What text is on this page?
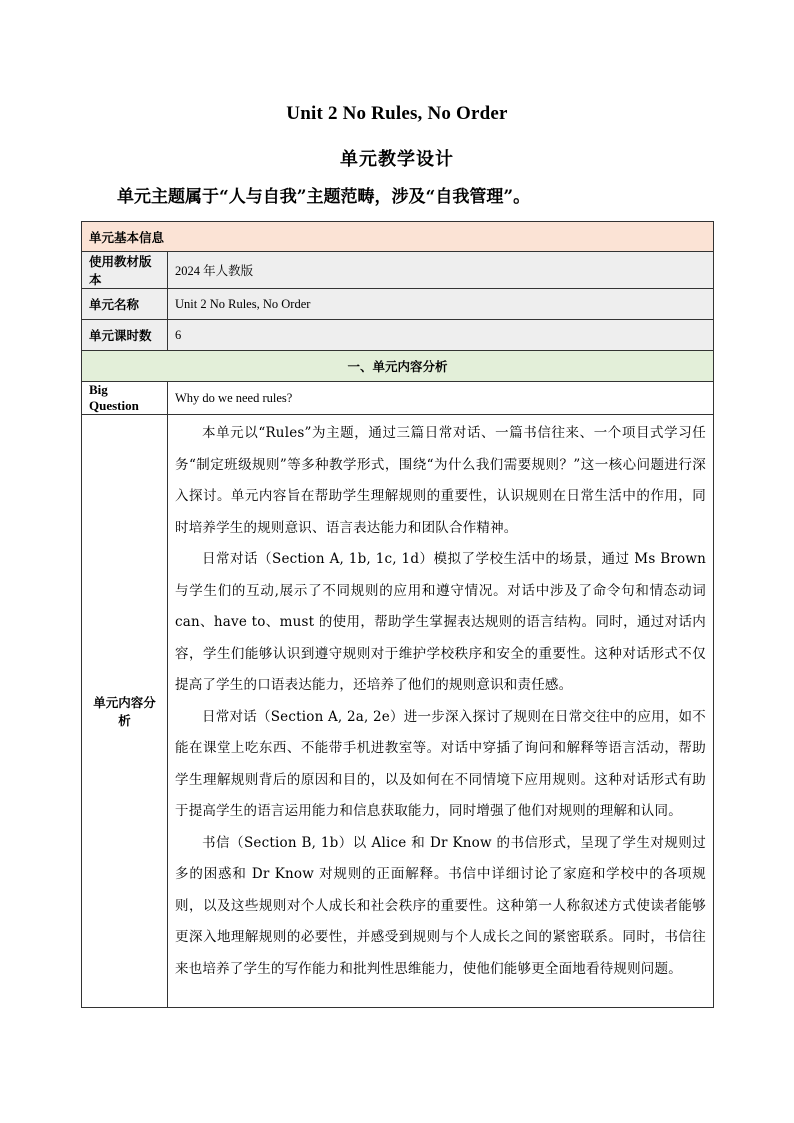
Unit 2 No Rules, No Order
单元教学设计
单元主题属于“人与自我”主题范畴，涉及“自我管理”。
单元基本信息	
使用教材版本	2024 年人教版
单元名称	Unit 2 No Rules, No Order
单元课时数	6
一、单元内容分析	
Big Question	Why do we need rules?
单元内容分析	本单元以“Rules”为主题，通过三篇日常对话、一篇书信往来、一个项目式学习任务“制定班级规则”等多种教学形式，围绕“为什么我们需要规则？”这一核心问题进行深入探讨。单元内容旨在帮助学生理解规则的重要性，认识规则在日常生活中的作用，同时培养学生的规则意识、语言表达能力和团队合作精神。

日常对话（Section A, 1b, 1c, 1d）模拟了学校生活中的场景，通过 Ms Brown 与学生们的互动,展示了不同规则的应用和遵守情况。对话中涉及了命令句和情态动词 can、have to、must 的使用，帮助学生掌握表达规则的语言结构。同时，通过对话内容，学生们能够认识到遵守规则对于维护学校秩序和安全的重要性。这种对话形式不仅提高了学生的口语表达能力，还培养了他们的规则意识和责任感。

日常对话（Section A, 2a, 2e）进一步深入探讨了规则在日常交往中的应用，如不能在课堂上吃东西、不能带手机进教室等。对话中穿插了询问和解释等语言活动，帮助学生理解规则背后的原因和目的，以及如何在不同情境下应用规则。这种对话形式有助于提高学生的语言运用能力和信息获取能力，同时增强了他们对规则的理解和认同。

书信（Section B, 1b）以 Alice 和 Dr Know 的书信形式，呈现了学生对规则过多的困惑和 Dr Know 对规则的正面解释。书信中详细讨论了家庭和学校中的各项规则，以及这些规则对个人成长和社会秩序的重要性。这种第一人称叙述方式使读者能够更深入地理解规则的必要性，并感受到规则与个人成长之间的紧密联系。同时，书信往来也培养了学生的写作能力和批判性思维能力，使他们能够更全面地看待规则问题。
